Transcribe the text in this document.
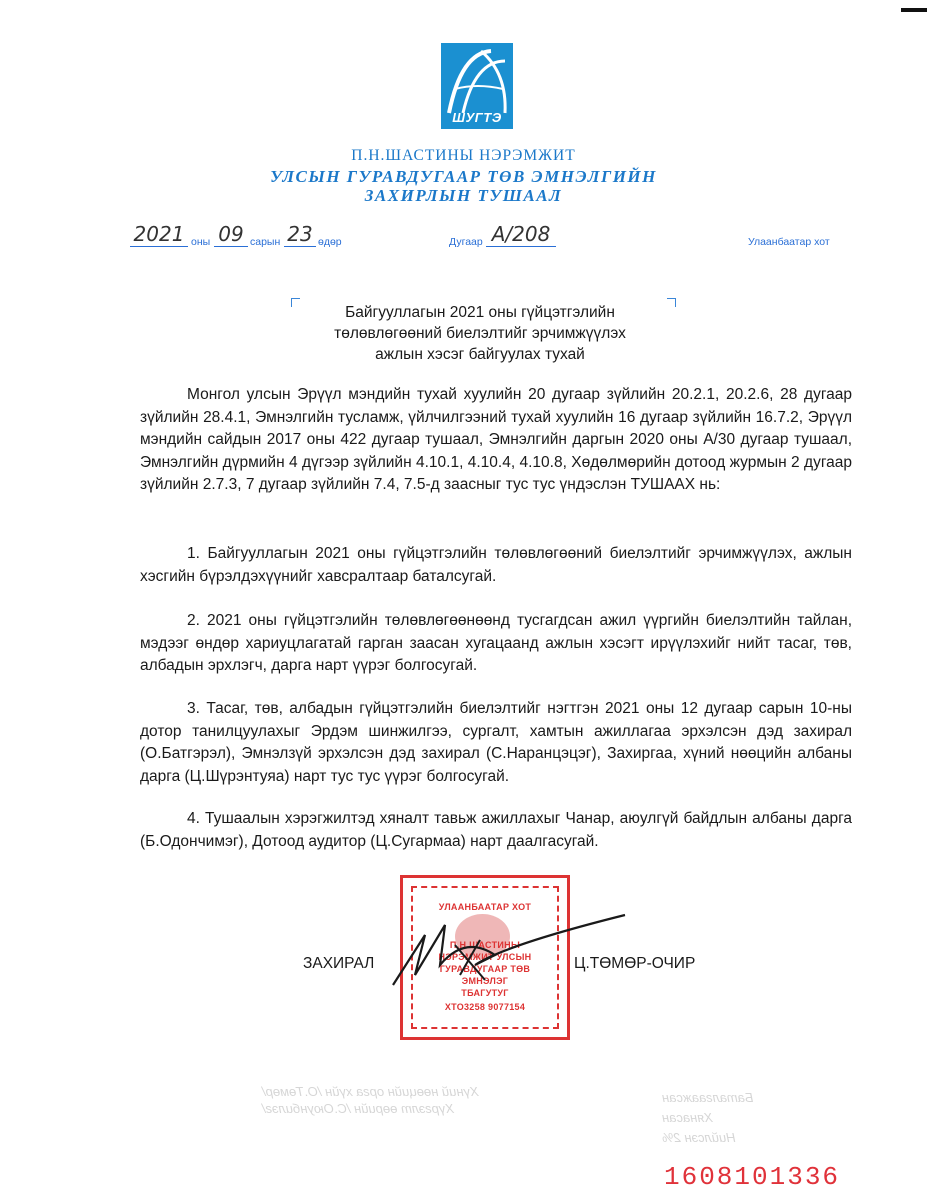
ШУГТЭ
П.Н.ШАСТИНЫ НЭРЭМЖИТ
УЛСЫН ГУРАВДУГААР ТӨВ ЭМНЭЛГИЙН
ЗАХИРЛЫН ТУШААЛ
2021 оны 09 сарын 23 өдөр	Дугаар А/208	Улаанбаатар хот
Байгууллагын 2021 оны гүйцэтгэлийн
төлөвлөгөөний биелэлтийг эрчимжүүлэх
ажлын хэсэг байгуулах тухай
Монгол улсын Эрүүл мэндийн тухай хуулийн 20 дугаар зүйлийн 20.2.1, 20.2.6, 28 дугаар зүйлийн 28.4.1, Эмнэлгийн тусламж, үйлчилгээний тухай хуулийн 16 дугаар зүйлийн 16.7.2, Эрүүл мэндийн сайдын 2017 оны 422 дугаар тушаал, Эмнэлгийн даргын 2020 оны А/30 дугаар тушаал, Эмнэлгийн дүрмийн 4 дүгээр зүйлийн 4.10.1, 4.10.4, 4.10.8, Хөдөлмөрийн дотоод журмын 2 дугаар зүйлийн 2.7.3, 7 дугаар зүйлийн 7.4, 7.5-д заасныг тус тус үндэслэн ТУШААХ нь:
1. Байгууллагын 2021 оны гүйцэтгэлийн төлөвлөгөөний биелэлтийг эрчимжүүлэх, ажлын хэсгийн бүрэлдэхүүнийг хавсралтаар баталсугай.
2. 2021 оны гүйцэтгэлийн төлөвлөгөөнөөнд тусгагдсан ажил үүргийн биелэлтийн тайлан, мэдээг өндөр хариуцлагатай гарган заасан хугацаанд ажлын хэсэгт ирүүлэхийг нийт тасаг, төв, албадын эрхлэгч, дарга нарт үүрэг болгосугай.
3. Тасаг, төв, албадын гүйцэтгэлийн биелэлтийг нэгтгэн 2021 оны 12 дугаар сарын 10-ны дотор танилцуулахыг Эрдэм шинжилгээ, сургалт, хамтын ажиллагаа эрхэлсэн дэд захирал (О.Батгэрэл), Эмнэлзүй эрхэлсэн дэд захирал (С.Наранцэцэг), Захиргаа, хүний нөөцийн албаны дарга (Ц.Шүрэнтуяа) нарт тус тус үүрэг болгосугай.
4. Тушаалын хэрэгжилтэд хяналт тавьж ажиллахыг Чанар, аюулгүй байдлын албаны дарга (Б.Одончимэг), Дотоод аудитор (Ц.Сугармаа) нарт даалгасугай.
УЛААНБААТАР ХОТ
П.Н.ШАСТИНЫ
НЭРЭМЖИТ УЛСЫН
ГУРАВДУГААР ТӨВ
ЭМНЭЛЭГ
ТБАГУТУГ
ХТО3258 9077154
ЗАХИРАЛ	Ц.ТӨМӨР-ОЧИР
Хүний нөөцийн орга хүйн /О.Төмөр/
Хүргэлт өөрийн /С.Оюунбилэг/
Баталгаажсан
Хянасан
Нийлсэн 2%
1608101336
